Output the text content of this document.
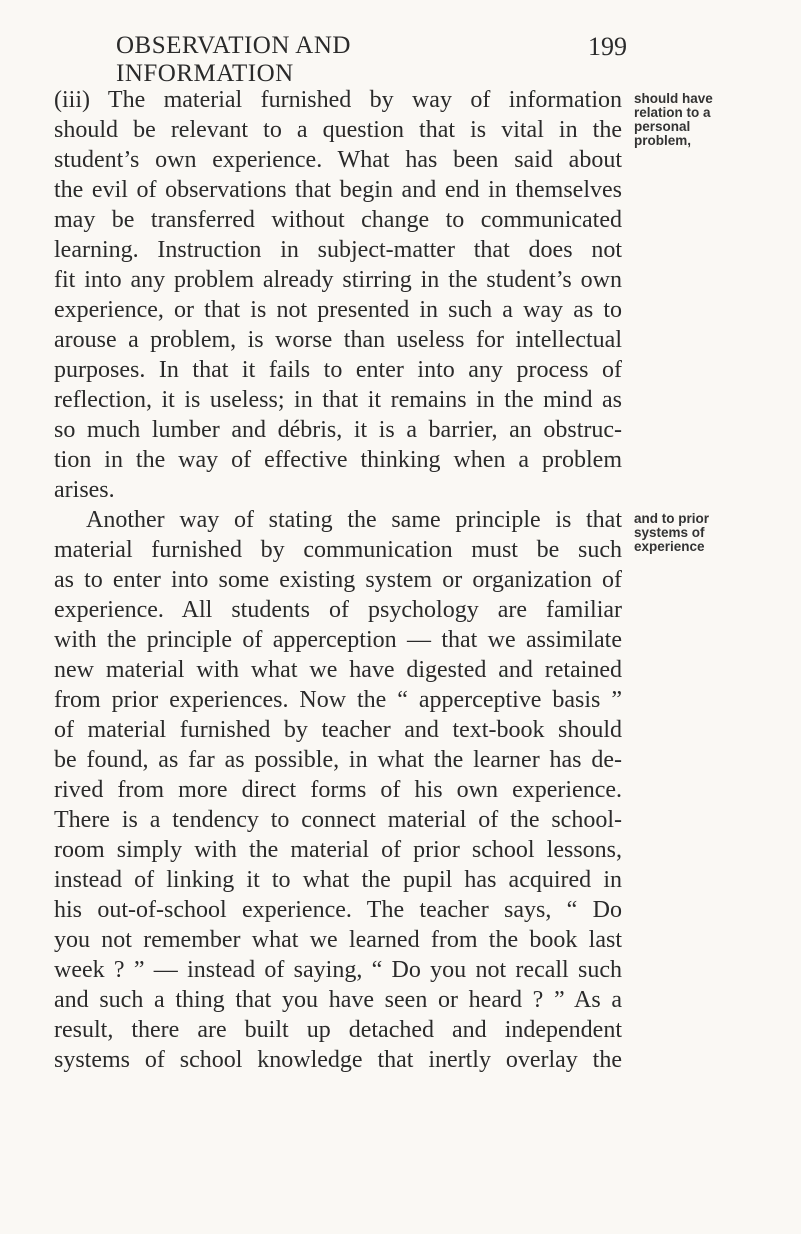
OBSERVATION AND INFORMATION
199
(iii) The material furnished by way of information
should be relevant to a question that is vital in the
student’s own experience. What has been said about
the evil of observations that begin and end in themselves
may be transferred without change to communicated
learning. Instruction in subject-matter that does not
fit into any problem already stirring in the student’s own
experience, or that is not presented in such a way as to
arouse a problem, is worse than useless for intellectual
purposes. In that it fails to enter into any process of
reflection, it is useless; in that it remains in the mind as
so much lumber and débris, it is a barrier, an obstruc-
tion in the way of effective thinking when a problem
arises.
Another way of stating the same principle is that
material furnished by communication must be such
as to enter into some existing system or organization of
experience. All students of psychology are familiar
with the principle of apperception — that we assimilate
new material with what we have digested and retained
from prior experiences. Now the “ apperceptive basis ”
of material furnished by teacher and text-book should
be found, as far as possible, in what the learner has de-
rived from more direct forms of his own experience.
There is a tendency to connect material of the school-
room simply with the material of prior school lessons,
instead of linking it to what the pupil has acquired in
his out-of-school experience. The teacher says, “ Do
you not remember what we learned from the book last
week ? ” — instead of saying, “ Do you not recall such
and such a thing that you have seen or heard ? ” As a
result, there are built up detached and independent
systems of school knowledge that inertly overlay the
should have
relation to a
personal
problem,
and to prior
systems of
experience
